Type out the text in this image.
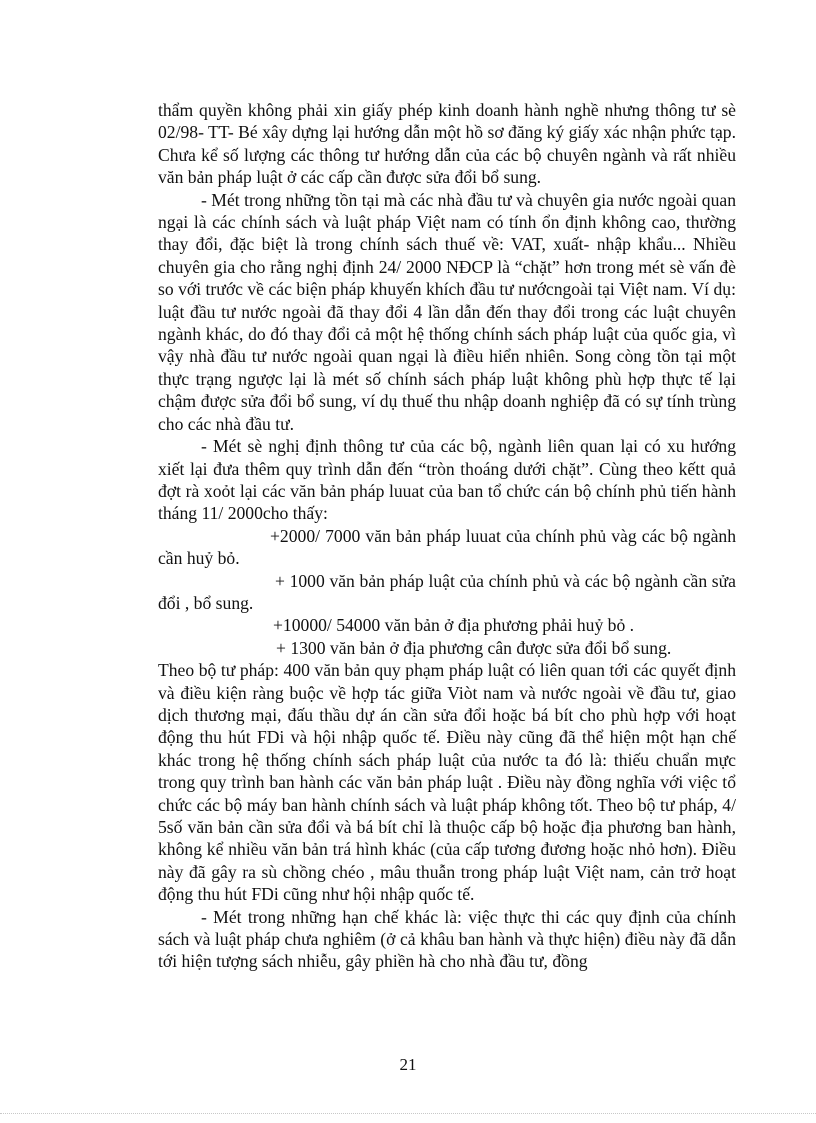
thẩm quyền không phải xin giấy phép kinh doanh hành nghề nhưng thông tư sè 02/98- TT- Bé xây dựng lại hướng dẫn một hồ sơ đăng ký giấy xác nhận phức tạp. Chưa kể số lượng các thông tư hướng dẫn của các bộ chuyên ngành và rất nhiều văn bản pháp luật ở các cấp cần được sửa đổi bổ sung.

- Mét trong những tồn tại mà các nhà đầu tư và chuyên gia nước ngoài quan ngại là các chính sách và luật pháp Việt nam có tính ổn định không cao, thường thay đổi, đặc biệt là trong chính sách thuế về: VAT, xuất- nhập khẩu... Nhiều chuyên gia cho rằng nghị định 24/ 2000 NĐCP là “chặt” hơn trong mét sè vấn đè so với trước về các biện pháp khuyến khích đầu tư nướcngoài tại Việt nam. Ví dụ: luật đầu tư nước ngoài đã thay đổi 4 lần dẫn đến thay đổi trong các luật chuyên ngành khác, do đó thay đổi cả một hệ thống chính sách pháp luật của quốc gia, vì vậy nhà đầu tư nước ngoài quan ngại là điều hiển nhiên. Song còng tồn tại một thực trạng ngược lại là mét số chính sách pháp luật không phù hợp thực tế lại chậm được sửa đổi bổ sung, ví dụ thuế thu nhập doanh nghiệp đã có sự tính trùng cho các nhà đầu tư.

- Mét sè nghị định thông tư của các bộ, ngành liên quan lại có xu hướng xiết lại đưa thêm quy trình dẫn đến “tròn thoáng dưới chặt”. Cùng theo kếtt quả đợt rà xoỏt lại các văn bản pháp luuat của ban tổ chức cán bộ chính phủ tiến hành tháng 11/ 2000cho thấy:

+2000/ 7000 văn bản pháp luuat của chính phủ vàg các bộ ngành cần huỷ bỏ.

+ 1000 văn bản pháp luật của chính phủ và các bộ ngành cần sửa đổi , bổ sung.

+10000/ 54000 văn bản ở địa phương phải huỷ bỏ .

+ 1300 văn bản ở địa phương cân được sửa đổi bổ sung.

Theo bộ tư pháp: 400 văn bản quy phạm pháp luật có liên quan tới các quyết định và điều kiện ràng buộc về hợp tác giữa Viòt nam và nước ngoài về đầu tư, giao dịch thương mại, đấu thầu dự án cần sửa đổi hoặc bá bít cho phù hợp với hoạt động thu hút FDi và hội nhập quốc tế. Điều này cũng đã thể hiện một hạn chế khác trong hệ thống chính sách pháp luật của nước ta đó là: thiếu chuẩn mực trong quy trình ban hành các văn bản pháp luật . Điều này đồng nghĩa với việc tổ chức các bộ máy ban hành chính sách và luật pháp không tốt. Theo bộ tư pháp, 4/ 5số văn bản cần sửa đổi và bá bít chỉ là thuộc cấp bộ hoặc địa phương ban hành, không kể nhiều văn bản trá hình khác (của cấp tương đương hoặc nhỏ hơn). Điều này đã gây ra sù chồng chéo , mâu thuẫn trong pháp luật Việt nam, cản trở hoạt động thu hút FDi cũng như hội nhập quốc tế.

- Mét trong những hạn chế khác là: việc thực thi các quy định của chính sách và luật pháp chưa nghiêm (ở cả khâu ban hành và thực hiện) điều này đã dẫn tới hiện tượng sách nhiễu, gây phiền hà cho nhà đầu tư, đồng

21
